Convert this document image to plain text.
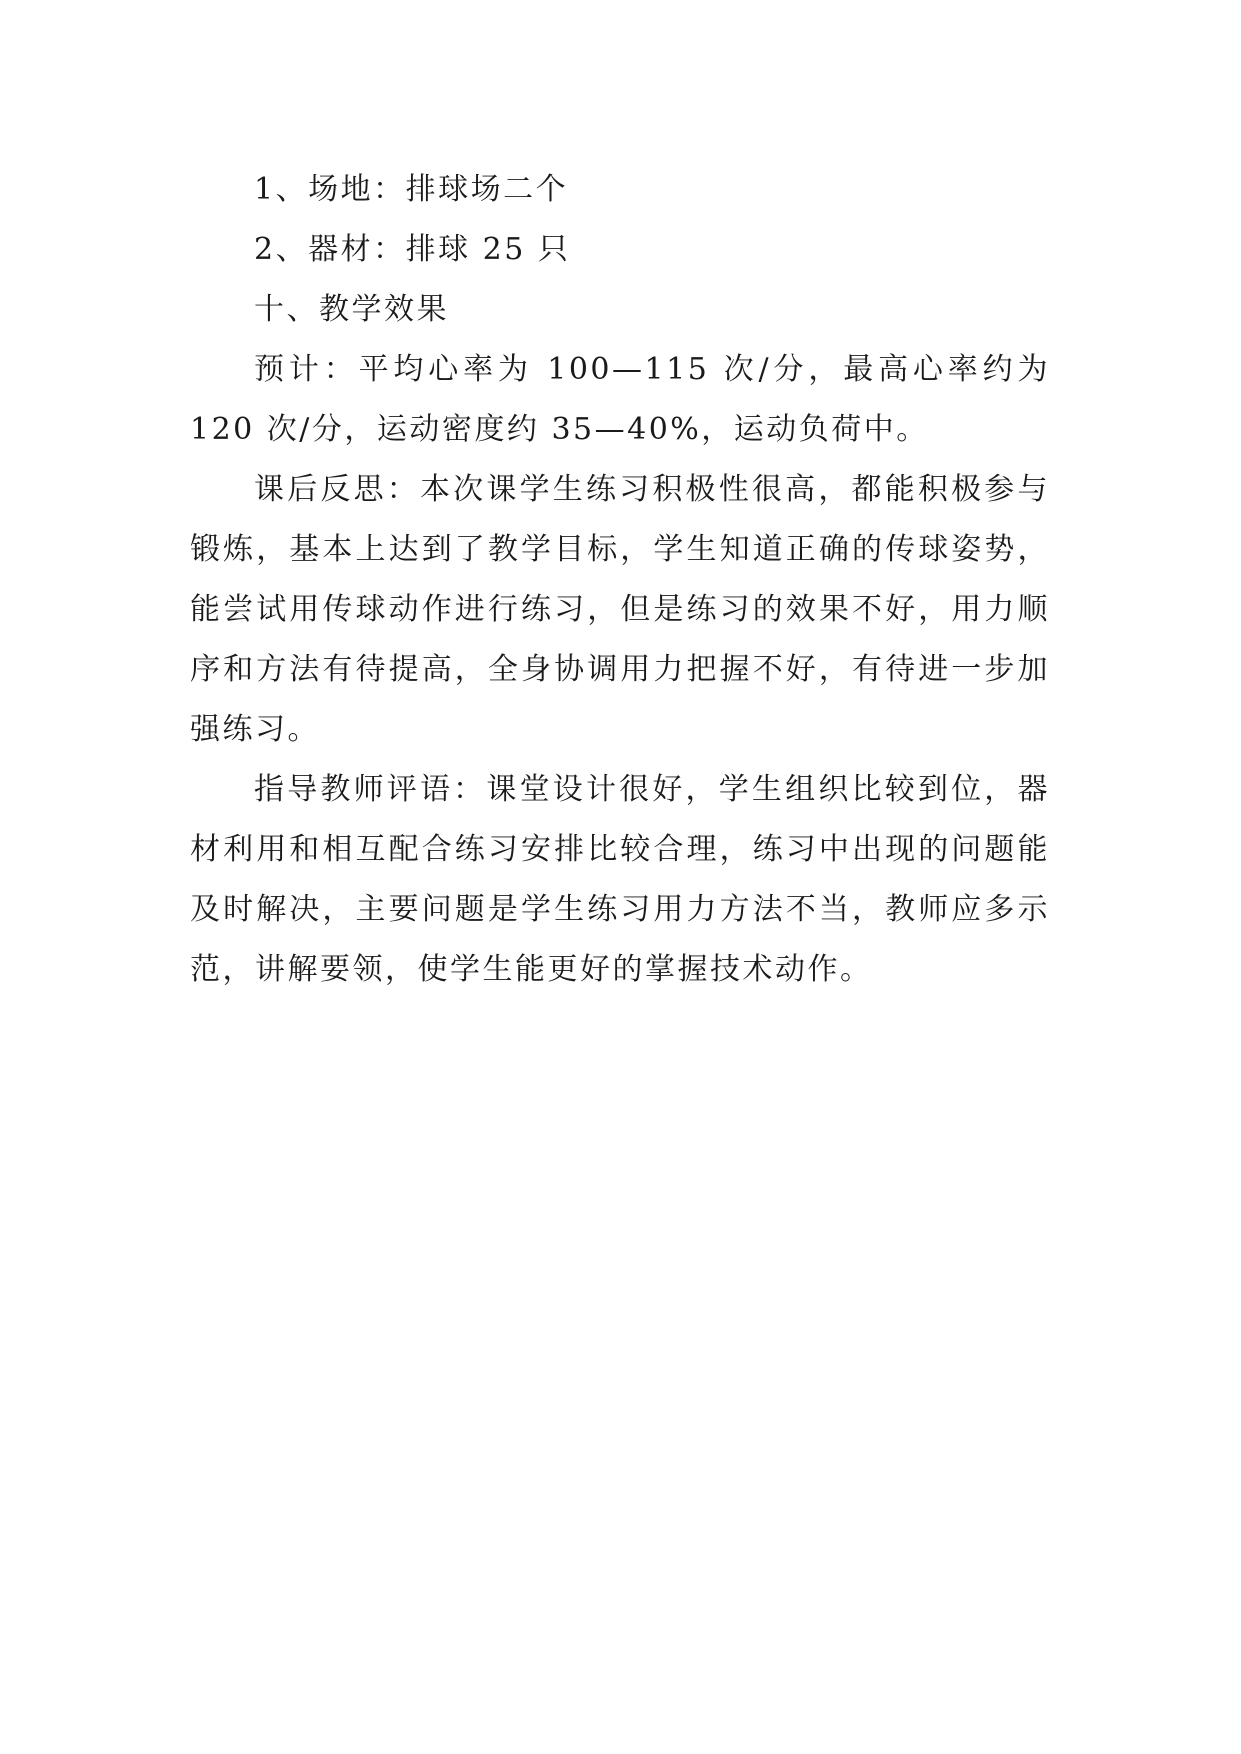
1、场地：排球场二个

2、器材：排球 25 只

十、教学效果

预计：平均心率为 100—115 次/分，最高心率约为 120 次/分，运动密度约 35—40%，运动负荷中。

课后反思：本次课学生练习积极性很高，都能积极参与锻炼，基本上达到了教学目标，学生知道正确的传球姿势，能尝试用传球动作进行练习，但是练习的效果不好，用力顺序和方法有待提高，全身协调用力把握不好，有待进一步加强练习。

指导教师评语：课堂设计很好，学生组织比较到位，器材利用和相互配合练习安排比较合理，练习中出现的问题能及时解决，主要问题是学生练习用力方法不当，教师应多示范，讲解要领，使学生能更好的掌握技术动作。
